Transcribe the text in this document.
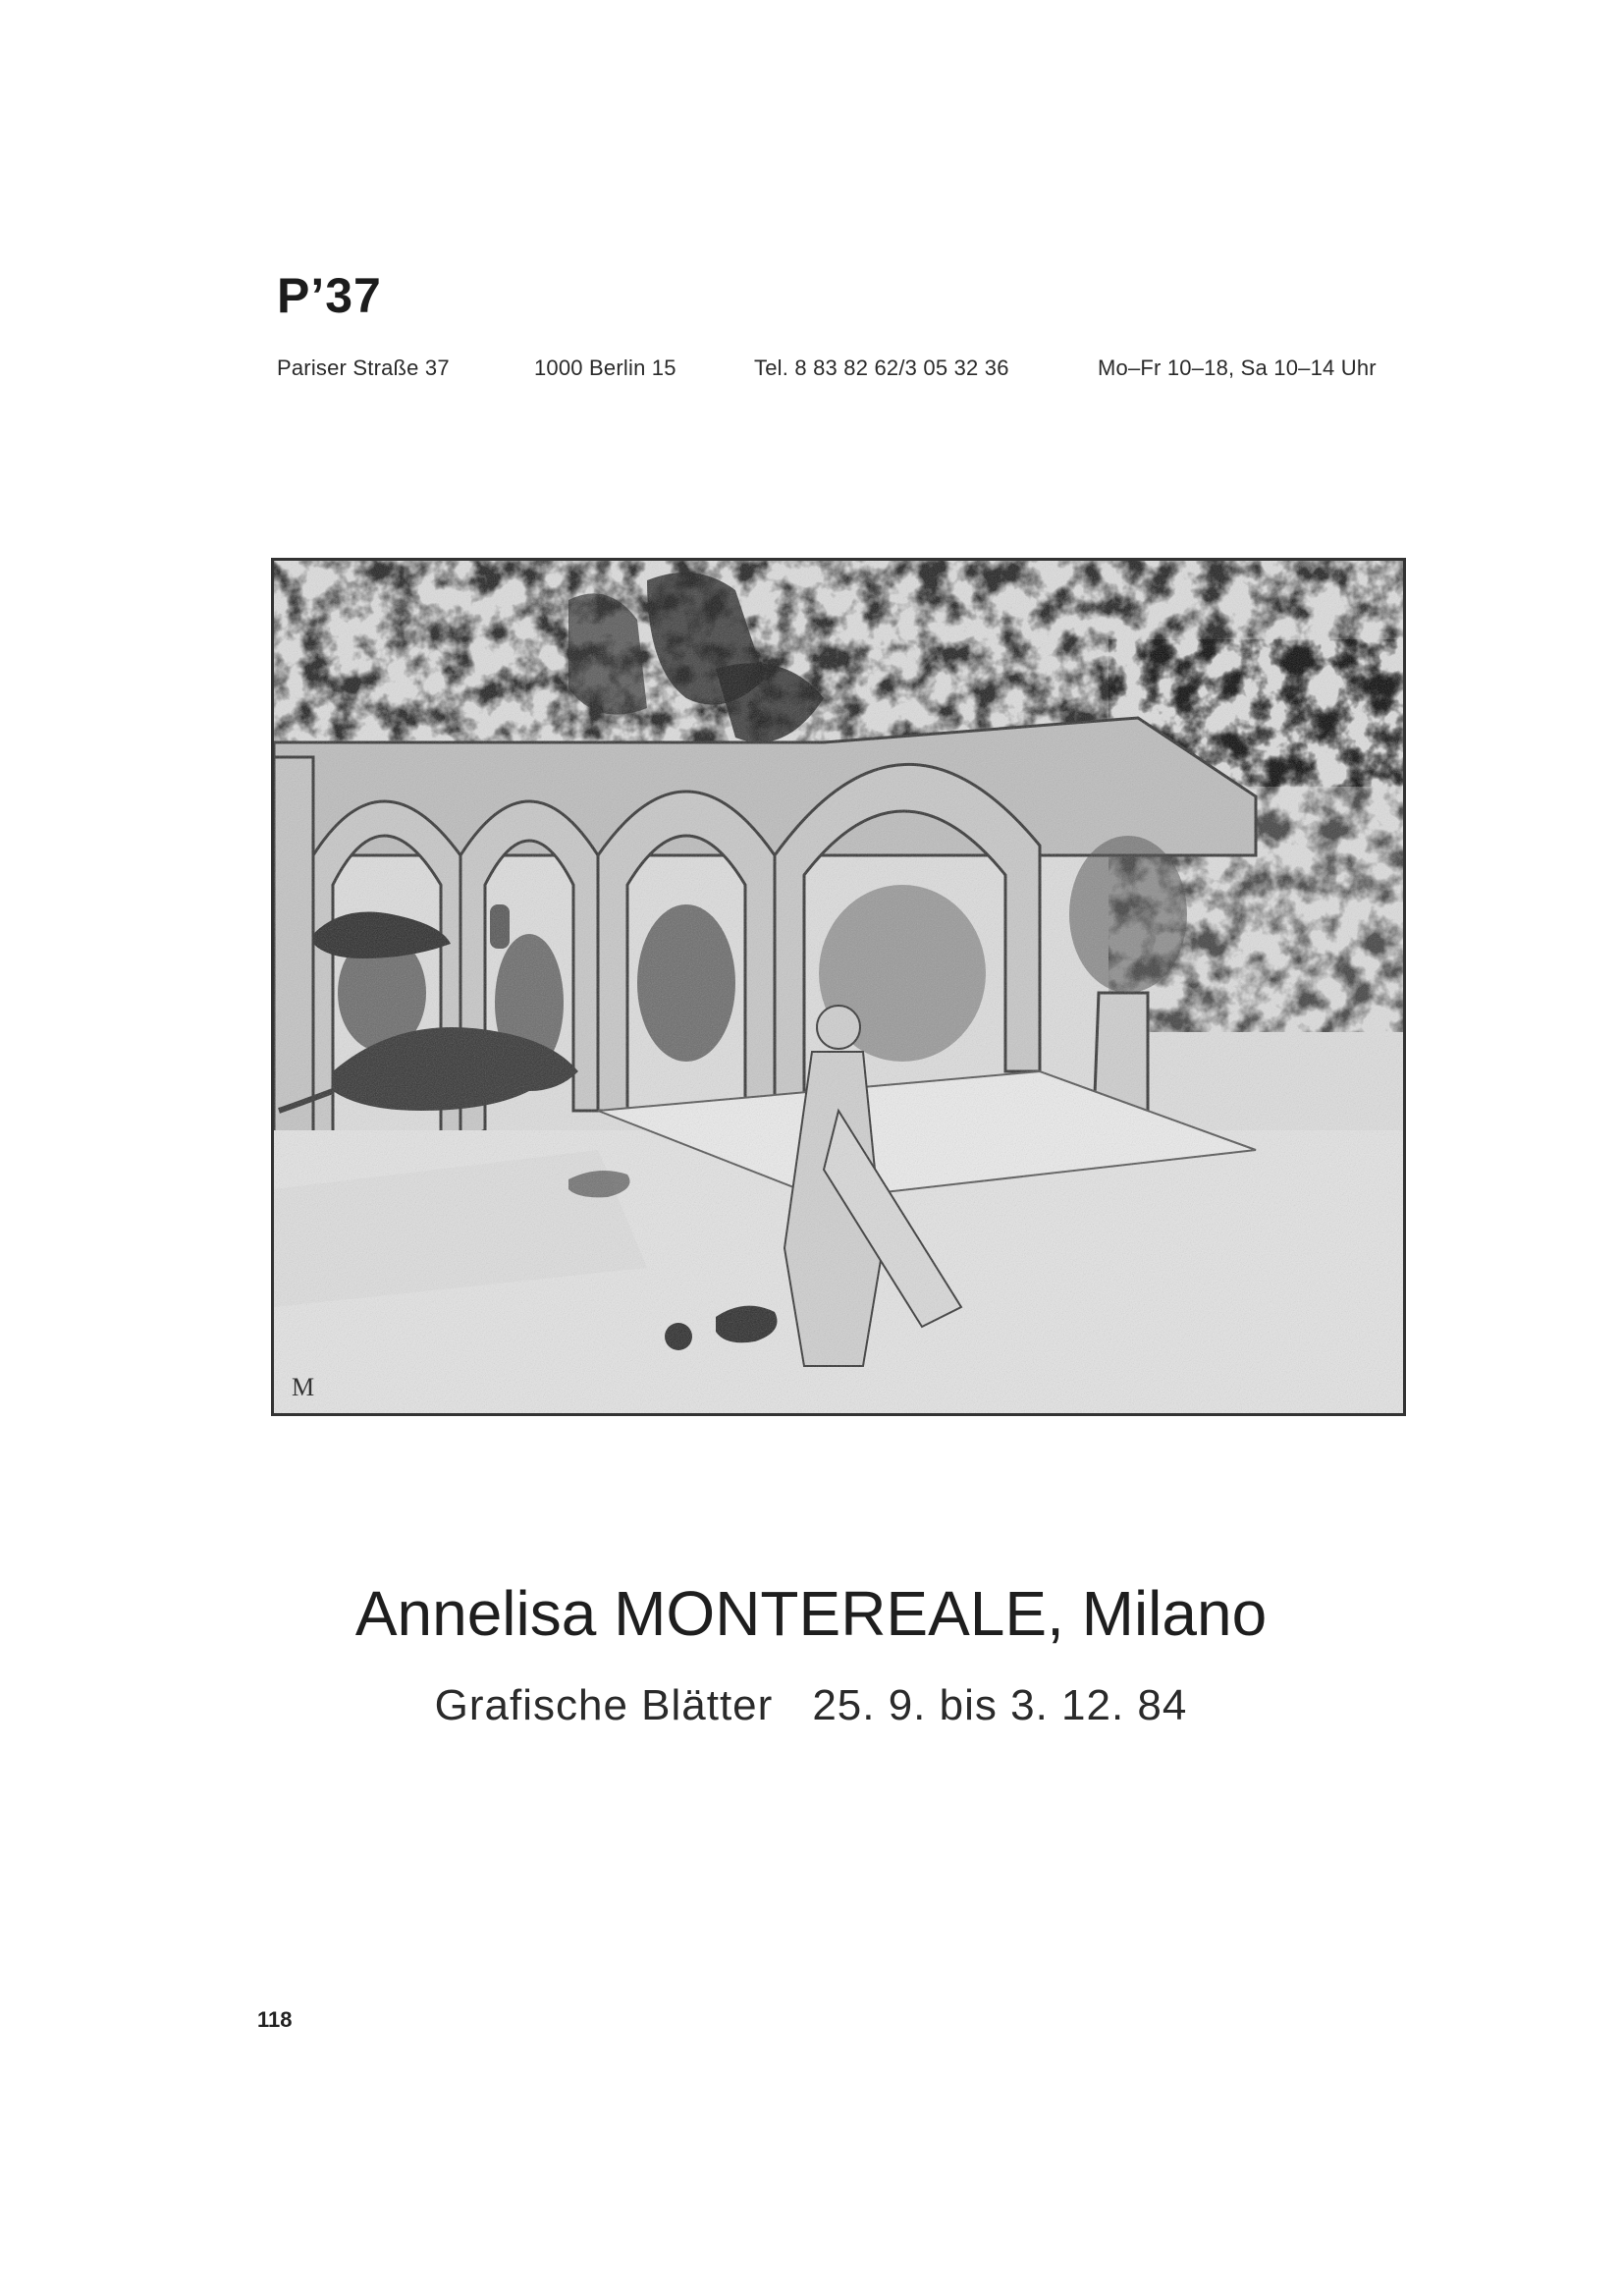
P’37
Pariser Straße 37	1000 Berlin 15	Tel. 8 83 82 62/3 05 32 36	Mo–Fr 10–18, Sa 10–14 Uhr
M
Annelisa MONTEREALE, Milano
Grafische Blätter 25. 9. bis 3. 12. 84
118
